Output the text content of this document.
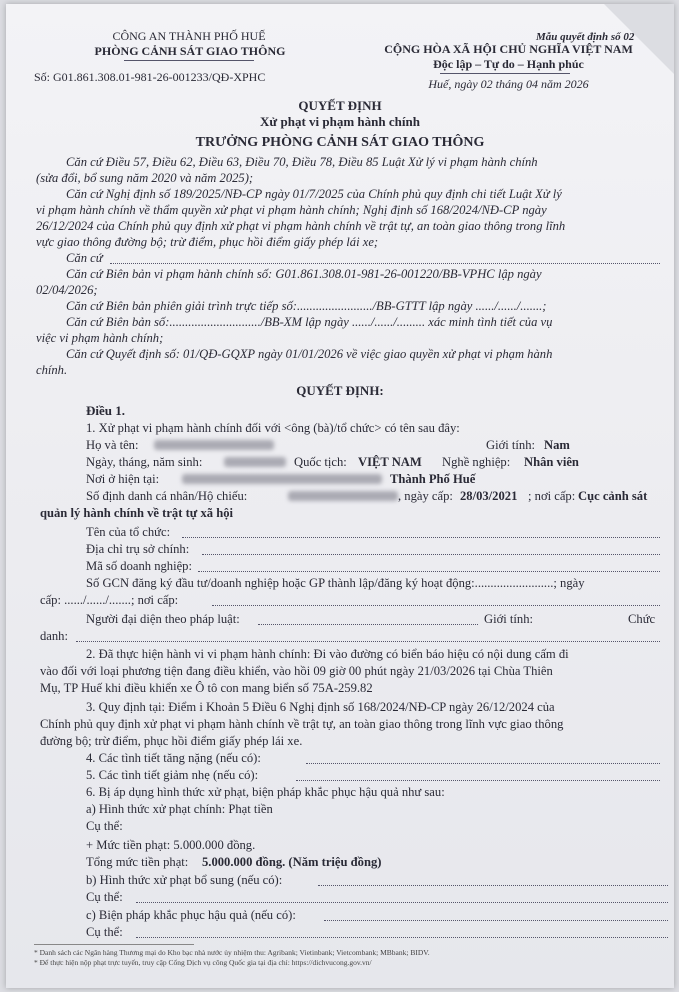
CÔNG AN THÀNH PHỐ HUẾ
PHÒNG CẢNH SÁT GIAO THÔNG
Số: G01.861.308.01-981-26-001233/QĐ-XPHC
Mẫu quyết định số 02
CỘNG HÒA XÃ HỘI CHỦ NGHĨA VIỆT NAM
Độc lập – Tự do – Hạnh phúc
Huế, ngày 02 tháng 04 năm 2026
QUYẾT ĐỊNH
Xử phạt vi phạm hành chính
TRƯỞNG PHÒNG CẢNH SÁT GIAO THÔNG
Căn cứ Điều 57, Điều 62, Điều 63, Điều 70, Điều 78, Điều 85 Luật Xử lý vi phạm hành chính
(sửa đổi, bổ sung năm 2020 và năm 2025);
Căn cứ Nghị định số 189/2025/NĐ-CP ngày 01/7/2025 của Chính phủ quy định chi tiết Luật Xử lý
vi phạm hành chính về thẩm quyền xử phạt vi phạm hành chính; Nghị định số 168/2024/NĐ-CP ngày
26/12/2024 của Chính phủ quy định xử phạt vi phạm hành chính về trật tự, an toàn giao thông trong lĩnh
vực giao thông đường bộ; trừ điểm, phục hồi điểm giấy phép lái xe;
Căn cứ
Căn cứ Biên bản vi phạm hành chính số: G01.861.308.01-981-26-001220/BB-VPHC lập ngày
02/04/2026;
Căn cứ Biên bản phiên giải trình trực tiếp số:......................../BB-GTTT lập ngày ....../....../.......;
Căn cứ Biên bản số:............................./BB-XM lập ngày ....../....../......... xác minh tình tiết của vụ
việc vi phạm hành chính;
Căn cứ Quyết định số: 01/QĐ-GQXP ngày 01/01/2026 về việc giao quyền xử phạt vi phạm hành
chính.
QUYẾT ĐỊNH:
Điều 1.
1. Xử phạt vi phạm hành chính đối với <ông (bà)/tổ chức> có tên sau đây:
Họ và tên:	Giới tính: Nam
Ngày, tháng, năm sinh:	Quốc tịch: VIỆT NAM Nghề nghiệp: Nhân viên
Nơi ở hiện tại:	Thành Phố Huế
Số định danh cá nhân/Hộ chiếu:	, ngày cấp: 28/03/2021 ; nơi cấp: Cục cảnh sát
quản lý hành chính về trật tự xã hội
Tên của tổ chức:
Địa chỉ trụ sở chính:
Mã số doanh nghiệp:
Số GCN đăng ký đầu tư/doanh nghiệp hoặc GP thành lập/đăng ký hoạt động:.........................; ngày
cấp: ....../....../.......; nơi cấp:
Người đại diện theo pháp luật:	Giới tính:	Chức
danh:
2. Đã thực hiện hành vi vi phạm hành chính: Đi vào đường có biển báo hiệu có nội dung cấm đi
vào đối với loại phương tiện đang điều khiển, vào hồi 09 giờ 00 phút ngày 21/03/2026 tại Chùa Thiên
Mụ, TP Huế khi điều khiển xe Ô tô con mang biển số 75A-259.82
3. Quy định tại: Điểm i Khoản 5 Điều 6 Nghị định số 168/2024/NĐ-CP ngày 26/12/2024 của
Chính phủ quy định xử phạt vi phạm hành chính về trật tự, an toàn giao thông trong lĩnh vực giao thông
đường bộ; trừ điểm, phục hồi điểm giấy phép lái xe.
4. Các tình tiết tăng nặng (nếu có):
5. Các tình tiết giảm nhẹ (nếu có):
6. Bị áp dụng hình thức xử phạt, biện pháp khắc phục hậu quả như sau:
a) Hình thức xử phạt chính: Phạt tiền
Cụ thể:
+ Mức tiền phạt: 5.000.000 đồng.
Tổng mức tiền phạt: 5.000.000 đồng. (Năm triệu đồng)
b) Hình thức xử phạt bổ sung (nếu có):
Cụ thể:
c) Biện pháp khắc phục hậu quả (nếu có):
Cụ thể:
* Danh sách các Ngân hàng Thương mại do Kho bạc nhà nước ủy nhiệm thu: Agribank; Vietinbank; Vietcombank; MBbank; BIDV.
* Để thực hiện nộp phạt trực tuyến, truy cập Cổng Dịch vụ công Quốc gia tại địa chỉ: https://dichvucong.gov.vn/
